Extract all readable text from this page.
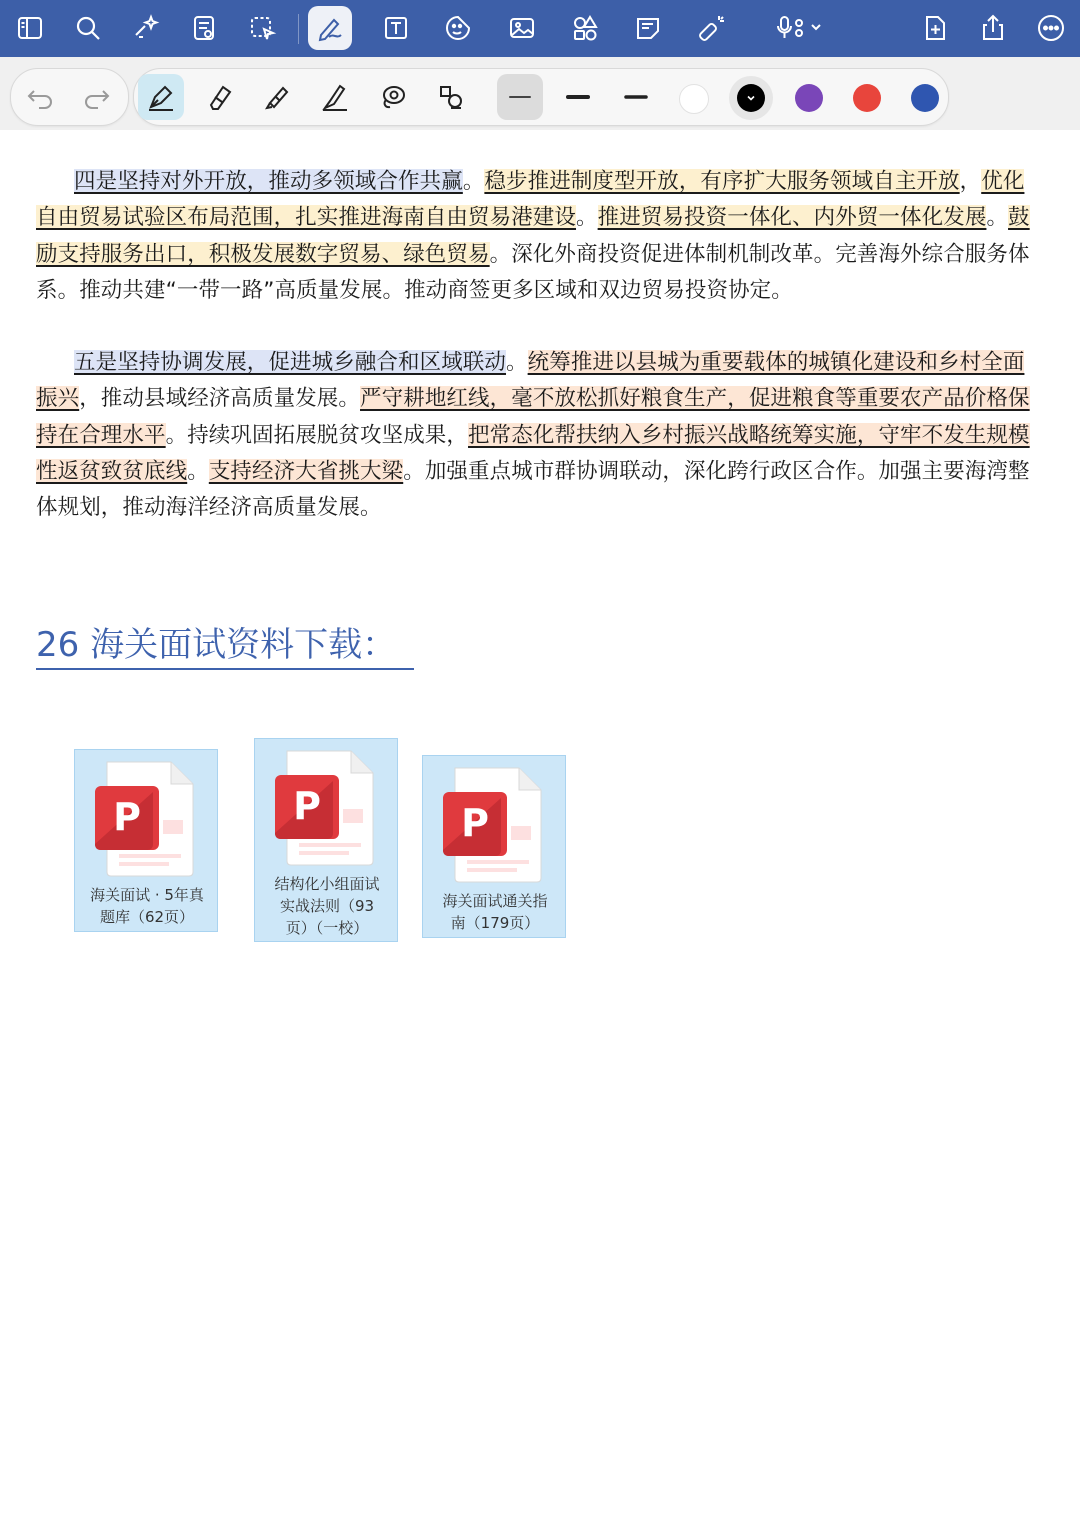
四是坚持对外开放，推动多领域合作共赢。稳步推进制度型开放，有序扩大服务领域自主开放，优化自由贸易试验区布局范围，扎实推进海南自由贸易港建设。推进贸易投资一体化、内外贸一体化发展。鼓励支持服务出口，积极发展数字贸易、绿色贸易。深化外商投资促进体制机制改革。完善海外综合服务体系。推动共建“一带一路”高质量发展。推动商签更多区域和双边贸易投资协定。
五是坚持协调发展，促进城乡融合和区域联动。统筹推进以县城为重要载体的城镇化建设和乡村全面振兴，推动县域经济高质量发展。严守耕地红线，毫不放松抓好粮食生产，促进粮食等重要农产品价格保持在合理水平。持续巩固拓展脱贫攻坚成果，把常态化帮扶纳入乡村振兴战略统筹实施，守牢不发生规模性返贫致贫底线。支持经济大省挑大梁。加强重点城市群协调联动，深化跨行政区合作。加强主要海湾整体规划，推动海洋经济高质量发展。
26 海关面试资料下载：
P
海关面试 · 5年真
题库（62页）
P
结构化小组面试
实战法则（93
页）（一校）
P
海关面试通关指
南（179页）
